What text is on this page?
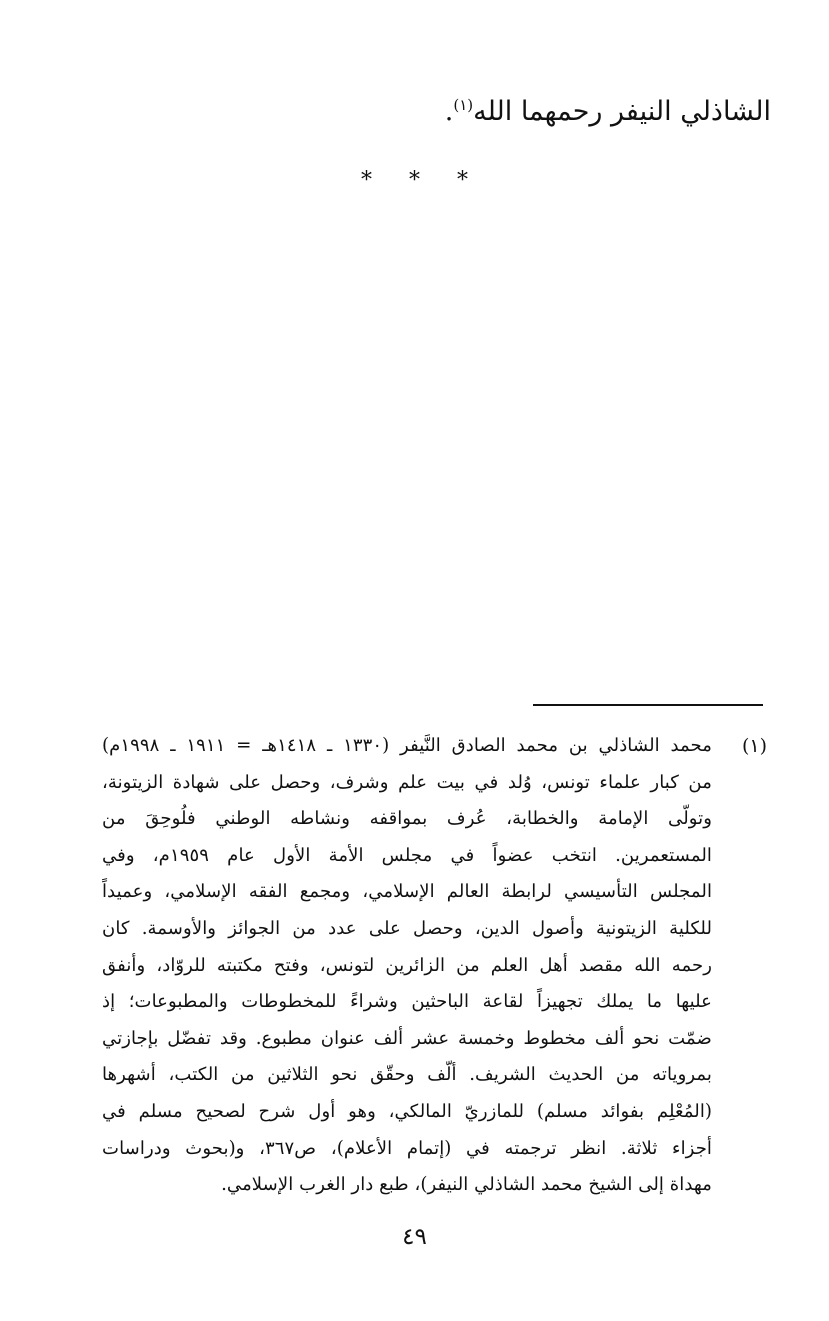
الشاذلي النيفر رحمهما الله$^{(١)}$.
* * *
(١)
محمد الشاذلي بن محمد الصادق النَّيفر (١٣٣٠ ـ ١٤١٨هـ = ١٩١١ ـ ١٩٩٨م)
من كبار علماء تونس، وُلد في بيت علم وشرف، وحصل على شهادة الزيتونة،
وتولّى الإمامة والخطابة، عُرف بمواقفه ونشاطه الوطني فلُوحِقَ من
المستعمرين. انتخب عضواً في مجلس الأمة الأول عام ١٩٥٩م، وفي
المجلس التأسيسي لرابطة العالم الإسلامي، ومجمع الفقه الإسلامي، وعميداً
للكلية الزيتونية وأصول الدين، وحصل على عدد من الجوائز والأوسمة. كان
رحمه الله مقصد أهل العلم من الزائرين لتونس، وفتح مكتبته للروّاد، وأنفق
عليها ما يملك تجهيزاً لقاعة الباحثين وشراءً للمخطوطات والمطبوعات؛ إذ
ضمّت نحو ألف مخطوط وخمسة عشر ألف عنوان مطبوع. وقد تفضّل بإجازتي
بمروياته من الحديث الشريف. ألّف وحقّق نحو الثلاثين من الكتب، أشهرها
(المُعْلِم بفوائد مسلم) للمازريّ المالكي، وهو أول شرح لصحيح مسلم في
أجزاء ثلاثة. انظر ترجمته في (إتمام الأعلام)، ص٣٦٧، و(بحوث ودراسات
مهداة إلى الشيخ محمد الشاذلي النيفر)، طبع دار الغرب الإسلامي.
٤٩
